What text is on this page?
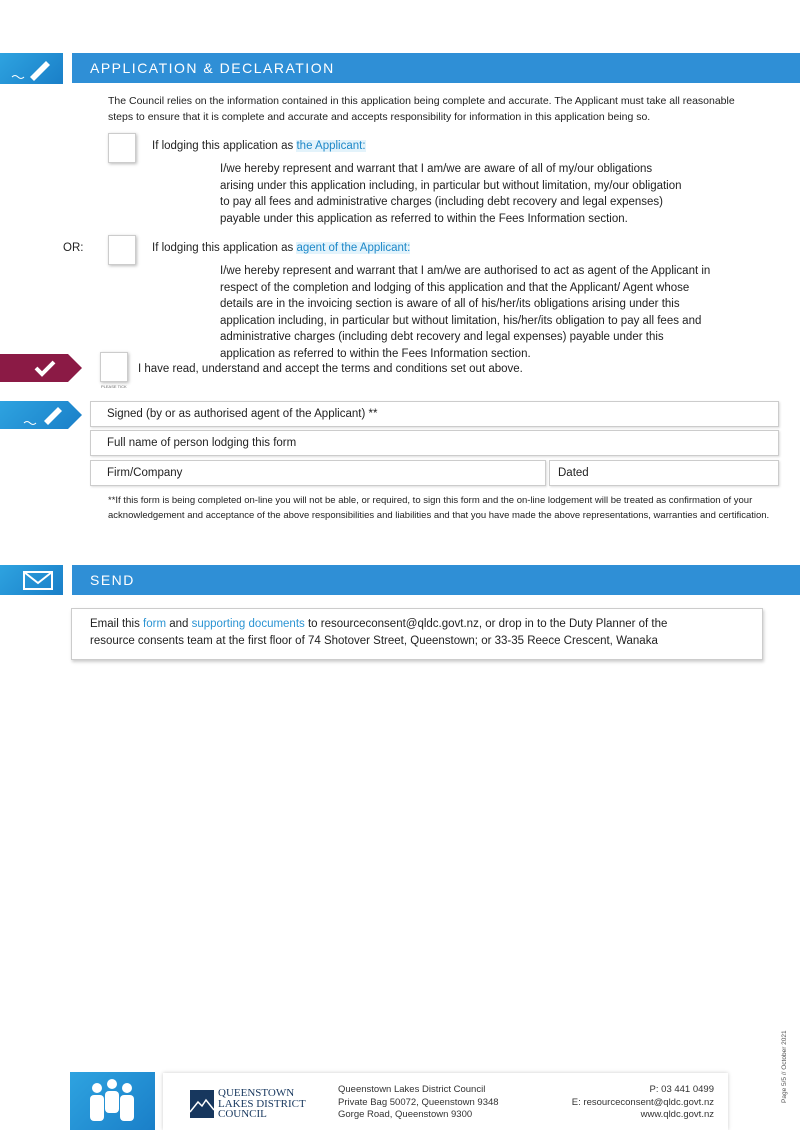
APPLICATION & DECLARATION
The Council relies on the information contained in this application being complete and accurate. The Applicant must take all reasonable steps to ensure that it is complete and accurate and accepts responsibility for information in this application being so.
If lodging this application as the Applicant:
I/we hereby represent and warrant that I am/we are aware of all of my/our obligations arising under this application including, in particular but without limitation, my/our obligation to pay all fees and administrative charges (including debt recovery and legal expenses) payable under this application as referred to within the Fees Information section.
OR:	If lodging this application as agent of the Applicant:
I/we hereby represent and warrant that I am/we are authorised to act as agent of the Applicant in respect of the completion and lodging of this application and that the Applicant/ Agent whose details are in the invoicing section is aware of all of his/her/its obligations arising under this application including, in particular but without limitation, his/her/its obligation to pay all fees and administrative charges (including debt recovery and legal expenses) payable under this application as referred to within the Fees Information section.
PLEASE TICK
I have read, understand and accept the terms and conditions set out above.
Signed (by or as authorised agent of the Applicant) **
Full name of person lodging this form
Firm/Company	Dated
**If this form is being completed on-line you will not be able, or required, to sign this form and the on-line lodgement will be treated as confirmation of your acknowledgement and acceptance of the above responsibilities and liabilities and that you have made the above representations, warranties and certification.
SEND
Email this form and supporting documents to resourceconsent@qldc.govt.nz, or drop in to the Duty Planner of the resource consents team at the first floor of 74 Shotover Street, Queenstown; or 33-35 Reece Crescent, Wanaka
QUEENSTOWN
LAKES DISTRICT
COUNCIL
Queenstown Lakes District Council
Private Bag 50072, Queenstown 9348
Gorge Road, Queenstown 9300
P: 03 441 0499
E: resourceconsent@qldc.govt.nz
www.qldc.govt.nz
Page 5/5 // October 2021
